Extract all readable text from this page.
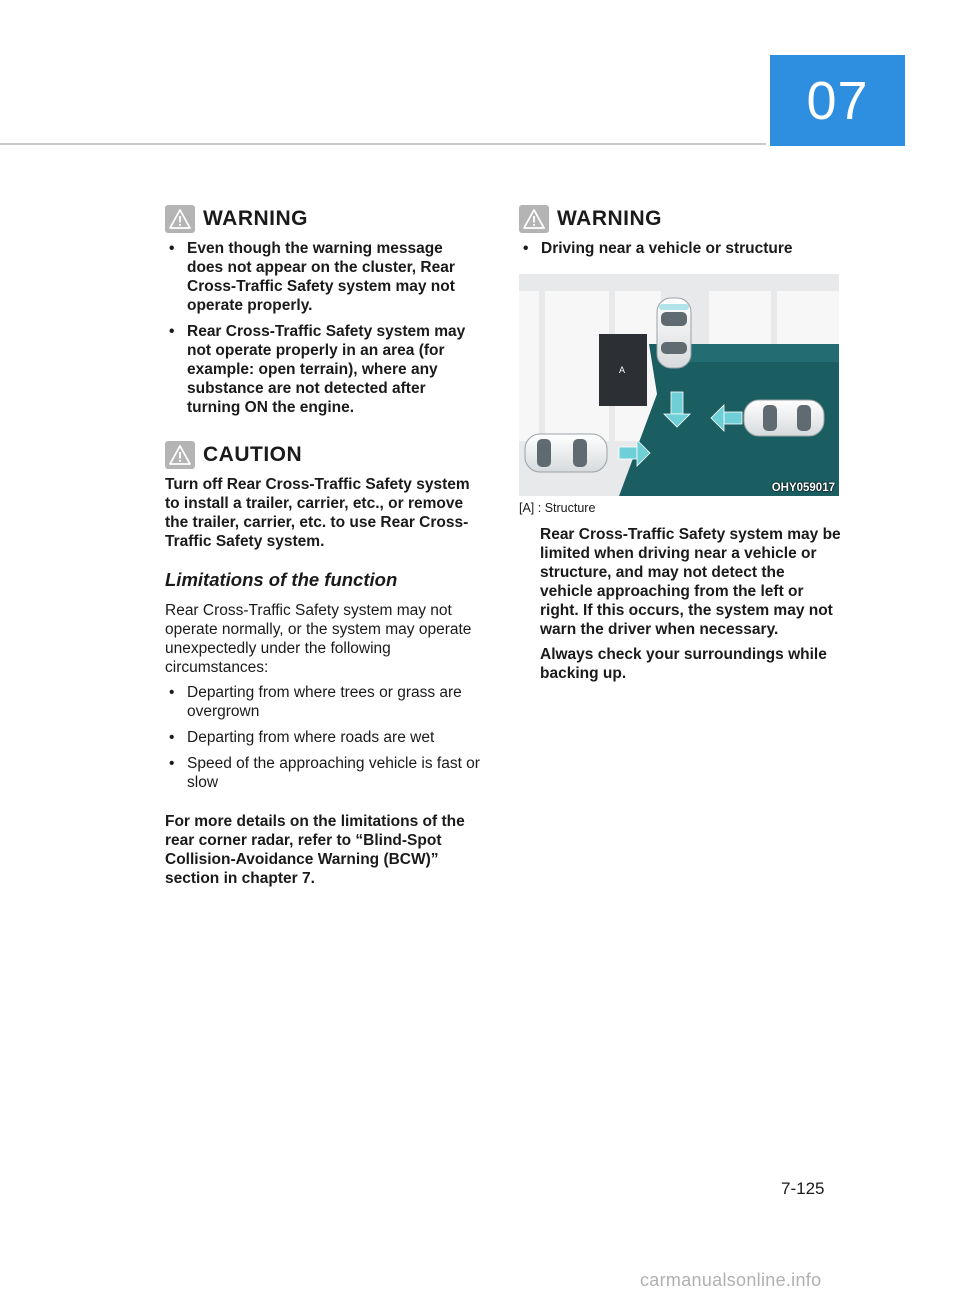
07
WARNING
• Even though the warning message does not appear on the cluster, Rear Cross-Traffic Safety system may not operate properly.
• Rear Cross-Traffic Safety system may not operate properly in an area (for example: open terrain), where any substance are not detected after turning ON the engine.
CAUTION

Turn off Rear Cross-Traffic Safety system to install a trailer, carrier, etc., or remove the trailer, carrier, etc. to use Rear Cross-Traffic Safety system.

Limitations of the function

Rear Cross-Traffic Safety system may not operate normally, or the system may operate unexpectedly under the following circumstances:

• Departing from where trees or grass are overgrown
• Departing from where roads are wet
• Speed of the approaching vehicle is fast or slow

For more details on the limitations of the rear corner radar, refer to “Blind-Spot Collision-Avoidance Warning (BCW)” section in chapter 7.

WARNING
• Driving near a vehicle or structure
A
OHY059017

[A] : Structure

Rear Cross-Traffic Safety system may be limited when driving near a vehicle or structure, and may not detect the vehicle approaching from the left or right. If this occurs, the system may not warn the driver when necessary.

Always check your surroundings while backing up.

7-125
carmanualsonline.info
